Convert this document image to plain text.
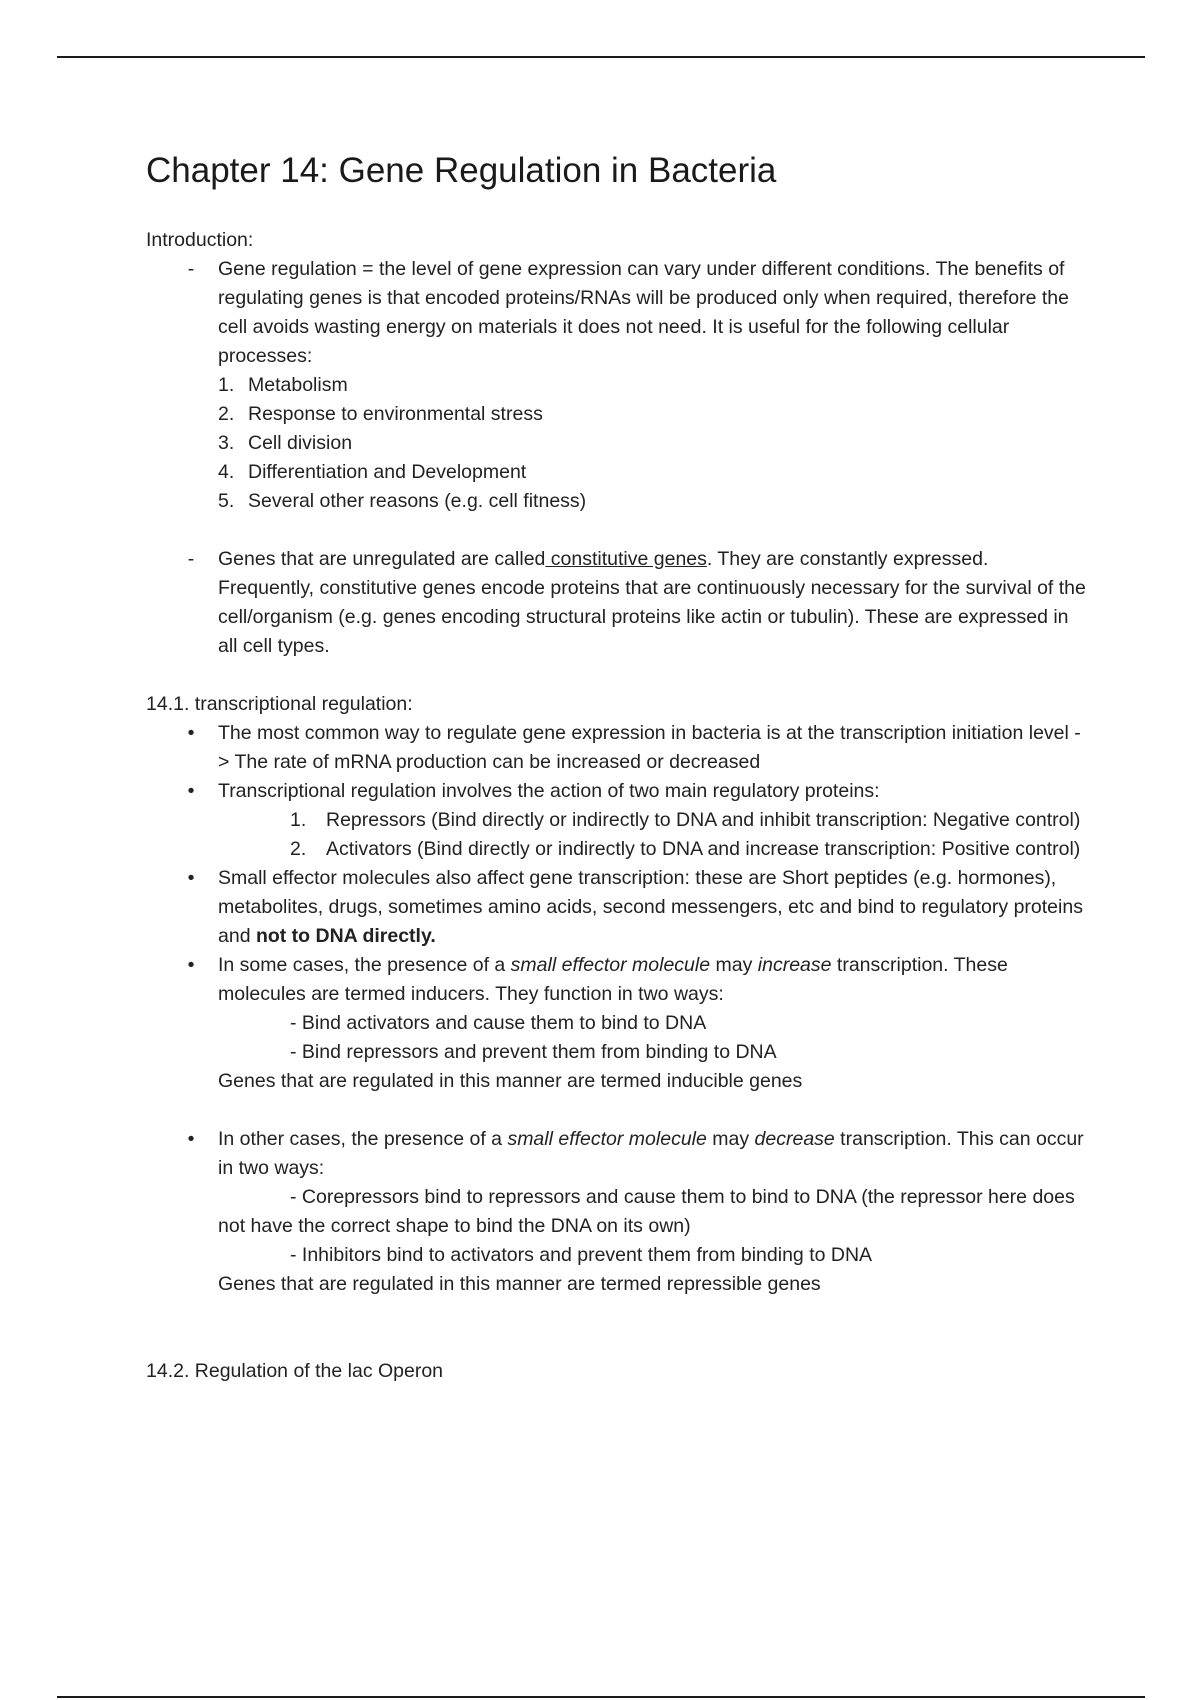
Chapter 14: Gene Regulation in Bacteria

Introduction:

-	Gene regulation = the level of gene expression can vary under different conditions. The benefits of regulating genes is that encoded proteins/RNAs will be produced only when required, therefore the cell avoids wasting energy on materials it does not need. It is useful for the following cellular processes:

1. Metabolism
2. Response to environmental stress
3. Cell division
4. Differentiation and Development
5. Several other reasons (e.g. cell fitness)
-	Genes that are unregulated are called constitutive genes. They are constantly expressed. Frequently, constitutive genes encode proteins that are continuously necessary for the survival of the cell/organism (e.g. genes encoding structural proteins like actin or tubulin). These are expressed in all cell types.

14.1. transcriptional regulation:

•	The most common way to regulate gene expression in bacteria is at the transcription initiation level -> The rate of mRNA production can be increased or decreased

•	Transcriptional regulation involves the action of two main regulatory proteins:

1.	Repressors (Bind directly or indirectly to DNA and inhibit transcription: Negative control)
2.	Activators (Bind directly or indirectly to DNA and increase transcription: Positive control)
•	Small effector molecules also affect gene transcription: these are Short peptides (e.g. hormones), metabolites, drugs, sometimes amino acids, second messengers, etc and bind to regulatory proteins and not to DNA directly.

•	In some cases, the presence of a small effector molecule may increase transcription. These molecules are termed inducers. They function in two ways:

- Bind activators and cause them to bind to DNA

- Bind repressors and prevent them from binding to DNA

Genes that are regulated in this manner are termed inducible genes

•	In other cases, the presence of a small effector molecule may decrease transcription. This can occur in two ways:

- Corepressors bind to repressors and cause them to bind to DNA (the repressor here does not have the correct shape to bind the DNA on its own)

- Inhibitors bind to activators and prevent them from binding to DNA

Genes that are regulated in this manner are termed repressible genes

14.2. Regulation of the lac Operon
